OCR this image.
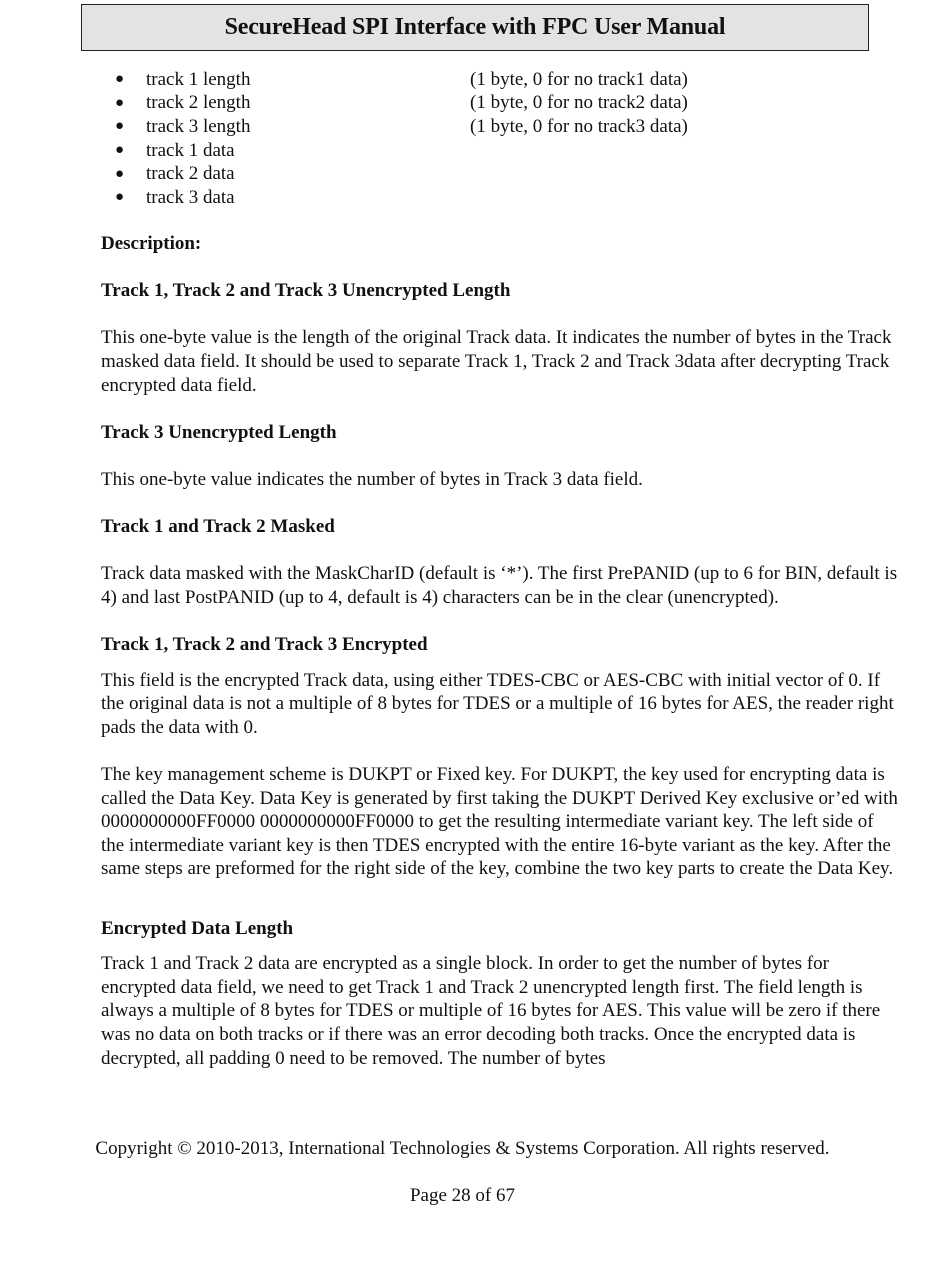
SecureHead SPI Interface with FPC User Manual
●	track 1 length	(1 byte, 0 for no track1 data)
●	track 2 length	(1 byte, 0 for no track2 data)
●	track 3 length	(1 byte, 0 for no track3 data)
●	track 1 data
●	track 2 data
●	track 3 data
Description:
Track 1, Track 2 and Track 3 Unencrypted Length

This one-byte value is the length of the original Track data. It indicates the number of bytes in the Track masked data field. It should be used to separate Track 1, Track 2 and Track 3data after decrypting Track encrypted data field.

Track 3 Unencrypted Length

This one-byte value indicates the number of bytes in Track 3 data field.

Track 1 and Track 2 Masked

Track data masked with the MaskCharID (default is ‘*’). The first PrePANID (up to 6 for BIN, default is 4) and last PostPANID (up to 4, default is 4) characters can be in the clear (unencrypted).

Track 1, Track 2 and Track 3 Encrypted

This field is the encrypted Track data, using either TDES-CBC or AES-CBC with initial vector of 0. If the original data is not a multiple of 8 bytes for TDES or a multiple of 16 bytes for AES, the reader right pads the data with 0.

The key management scheme is DUKPT or Fixed key. For DUKPT, the key used for encrypting data is called the Data Key. Data Key is generated by first taking the DUKPT Derived Key exclusive or’ed with 0000000000FF0000 0000000000FF0000 to get the resulting intermediate variant key. The left side of the intermediate variant key is then TDES encrypted with the entire 16-byte variant as the key. After the same steps are preformed for the right side of the key, combine the two key parts to create the Data Key.

Encrypted Data Length

Track 1 and Track 2 data are encrypted as a single block. In order to get the number of bytes for encrypted data field, we need to get Track 1 and Track 2 unencrypted length first. The field length is always a multiple of 8 bytes for TDES or multiple of 16 bytes for AES. This value will be zero if there was no data on both tracks or if there was an error decoding both tracks. Once the encrypted data is decrypted, all padding 0 need to be removed. The number of bytes

Copyright © 2010-2013, International Technologies & Systems Corporation. All rights reserved.
Page 28 of 67
